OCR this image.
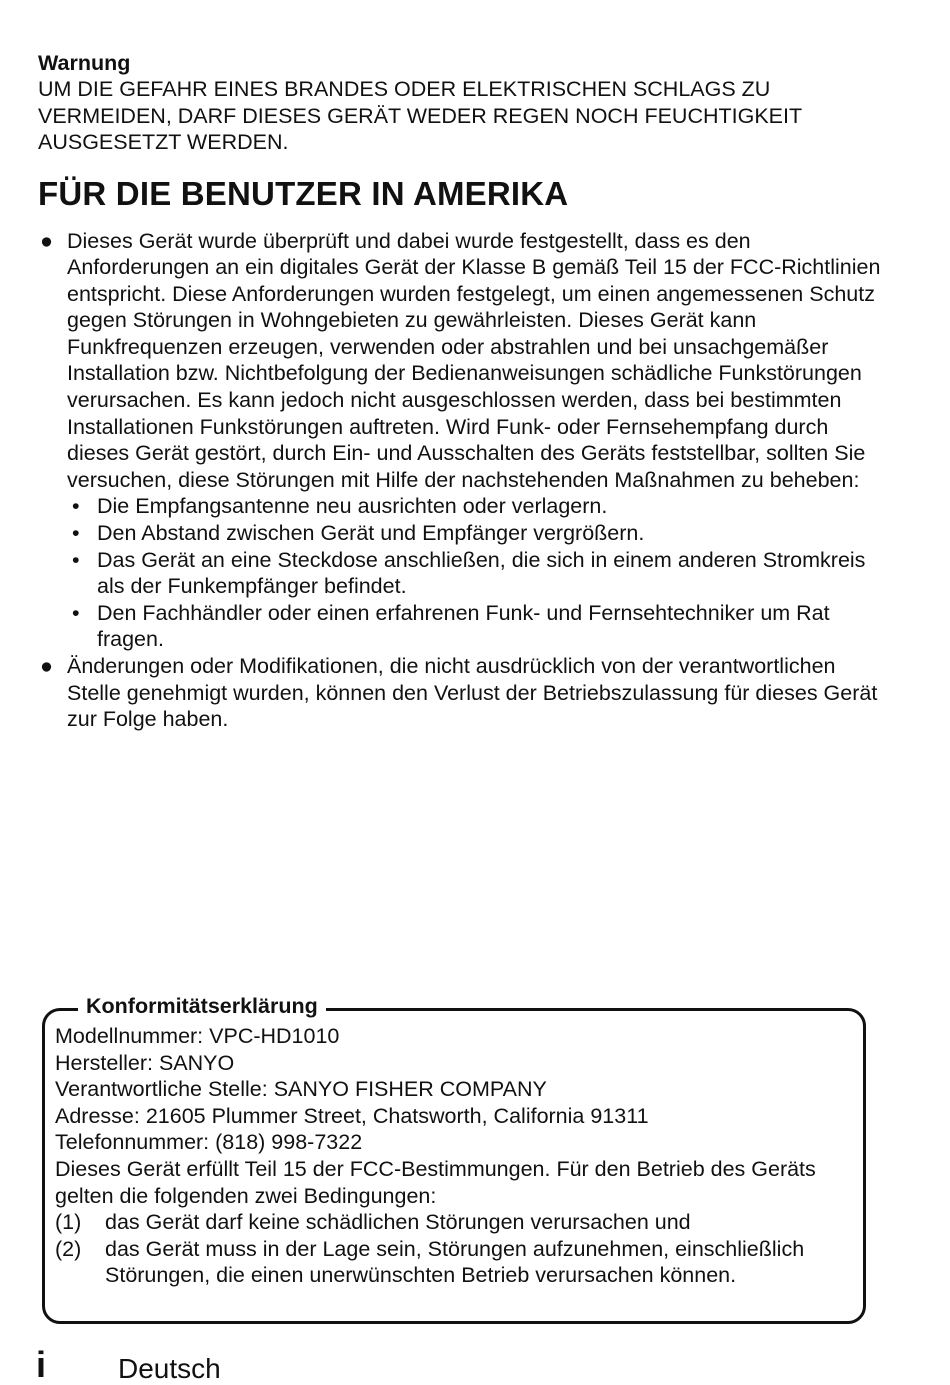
Warnung

UM DIE GEFAHR EINES BRANDES ODER ELEKTRISCHEN SCHLAGS ZU VERMEIDEN, DARF DIESES GERÄT WEDER REGEN NOCH FEUCHTIGKEIT AUSGESETZT WERDEN.

FÜR DIE BENUTZER IN AMERIKA
● Dieses Gerät wurde überprüft und dabei wurde festgestellt, dass es den Anforderungen an ein digitales Gerät der Klasse B gemäß Teil 15 der FCC-Richtlinien entspricht. Diese Anforderungen wurden festgelegt, um einen angemessenen Schutz gegen Störungen in Wohngebieten zu gewährleisten. Dieses Gerät kann Funkfrequenzen erzeugen, verwenden oder abstrahlen und bei unsachgemäßer Installation bzw. Nichtbefolgung der Bedienanweisungen schädliche Funkstörungen verursachen. Es kann jedoch nicht ausgeschlossen werden, dass bei bestimmten Installationen Funkstörungen auftreten. Wird Funk- oder Fernsehempfang durch dieses Gerät gestört, durch Ein- und Ausschalten des Geräts feststellbar, sollten Sie versuchen, diese Störungen mit Hilfe der nachstehenden Maßnahmen zu beheben:
• Die Empfangsantenne neu ausrichten oder verlagern.
• Den Abstand zwischen Gerät und Empfänger vergrößern.
• Das Gerät an eine Steckdose anschließen, die sich in einem anderen Stromkreis als der Funkempfänger befindet.
• Den Fachhändler oder einen erfahrenen Funk- und Fernsehtechniker um Rat fragen.
● Änderungen oder Modifikationen, die nicht ausdrücklich von der verantwortlichen Stelle genehmigt wurden, können den Verlust der Betriebszulassung für dieses Gerät zur Folge haben.
Konformitätserklärung

Modellnummer: VPC-HD1010

Hersteller: SANYO

Verantwortliche Stelle: SANYO FISHER COMPANY

Adresse: 21605 Plummer Street, Chatsworth, California 91311

Telefonnummer: (818) 998-7322

Dieses Gerät erfüllt Teil 15 der FCC-Bestimmungen. Für den Betrieb des Geräts gelten die folgenden zwei Bedingungen:

(1) das Gerät darf keine schädlichen Störungen verursachen und
(2) das Gerät muss in der Lage sein, Störungen aufzunehmen, einschließlich Störungen, die einen unerwünschten Betrieb verursachen können.
i	Deutsch
